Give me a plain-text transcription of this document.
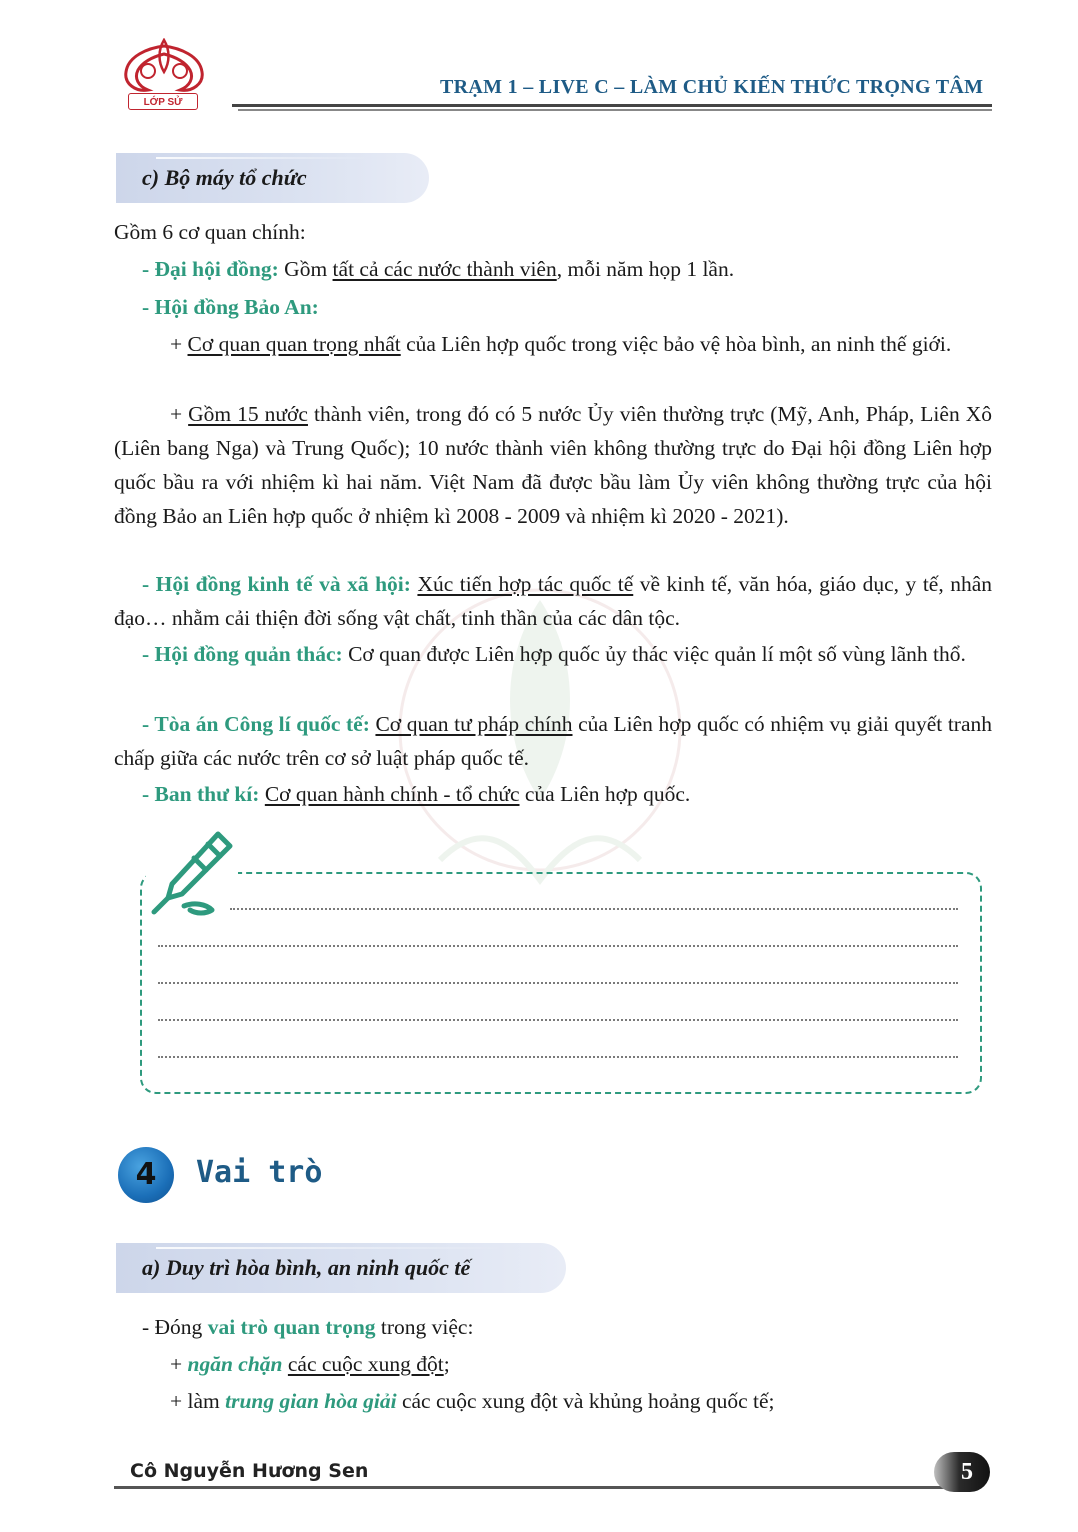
LỚP SỬ
TRẠM 1 – LIVE C – LÀM CHỦ KIẾN THỨC TRỌNG TÂM
c) Bộ máy tổ chức
Gồm 6 cơ quan chính:
- Đại hội đồng: Gồm tất cả các nước thành viên, mỗi năm họp 1 lần.
- Hội đồng Bảo An:
+ Cơ quan quan trọng nhất của Liên hợp quốc trong việc bảo vệ hòa bình, an ninh thế giới.
+ Gồm 15 nước thành viên, trong đó có 5 nước Ủy viên thường trực (Mỹ, Anh, Pháp, Liên Xô (Liên bang Nga) và Trung Quốc); 10 nước thành viên không thường trực do Đại hội đồng Liên hợp quốc bầu ra với nhiệm kì hai năm. Việt Nam đã được bầu làm Ủy viên không thường trực của hội đồng Bảo an Liên hợp quốc ở nhiệm kì 2008 - 2009 và nhiệm kì 2020 - 2021).
- Hội đồng kinh tế và xã hội: Xúc tiến hợp tác quốc tế về kinh tế, văn hóa, giáo dục, y tế, nhân đạo… nhằm cải thiện đời sống vật chất, tinh thần của các dân tộc.
- Hội đồng quản thác: Cơ quan được Liên hợp quốc ủy thác việc quản lí một số vùng lãnh thổ.
- Tòa án Công lí quốc tế: Cơ quan tư pháp chính của Liên hợp quốc có nhiệm vụ giải quyết tranh chấp giữa các nước trên cơ sở luật pháp quốc tế.
- Ban thư kí: Cơ quan hành chính - tổ chức của Liên hợp quốc.
4	Vai trò
a) Duy trì hòa bình, an ninh quốc tế
- Đóng vai trò quan trọng trong việc:
+ ngăn chặn các cuộc xung đột;
+ làm trung gian hòa giải các cuộc xung đột và khủng hoảng quốc tế;
Cô Nguyễn Hương Sen	5
